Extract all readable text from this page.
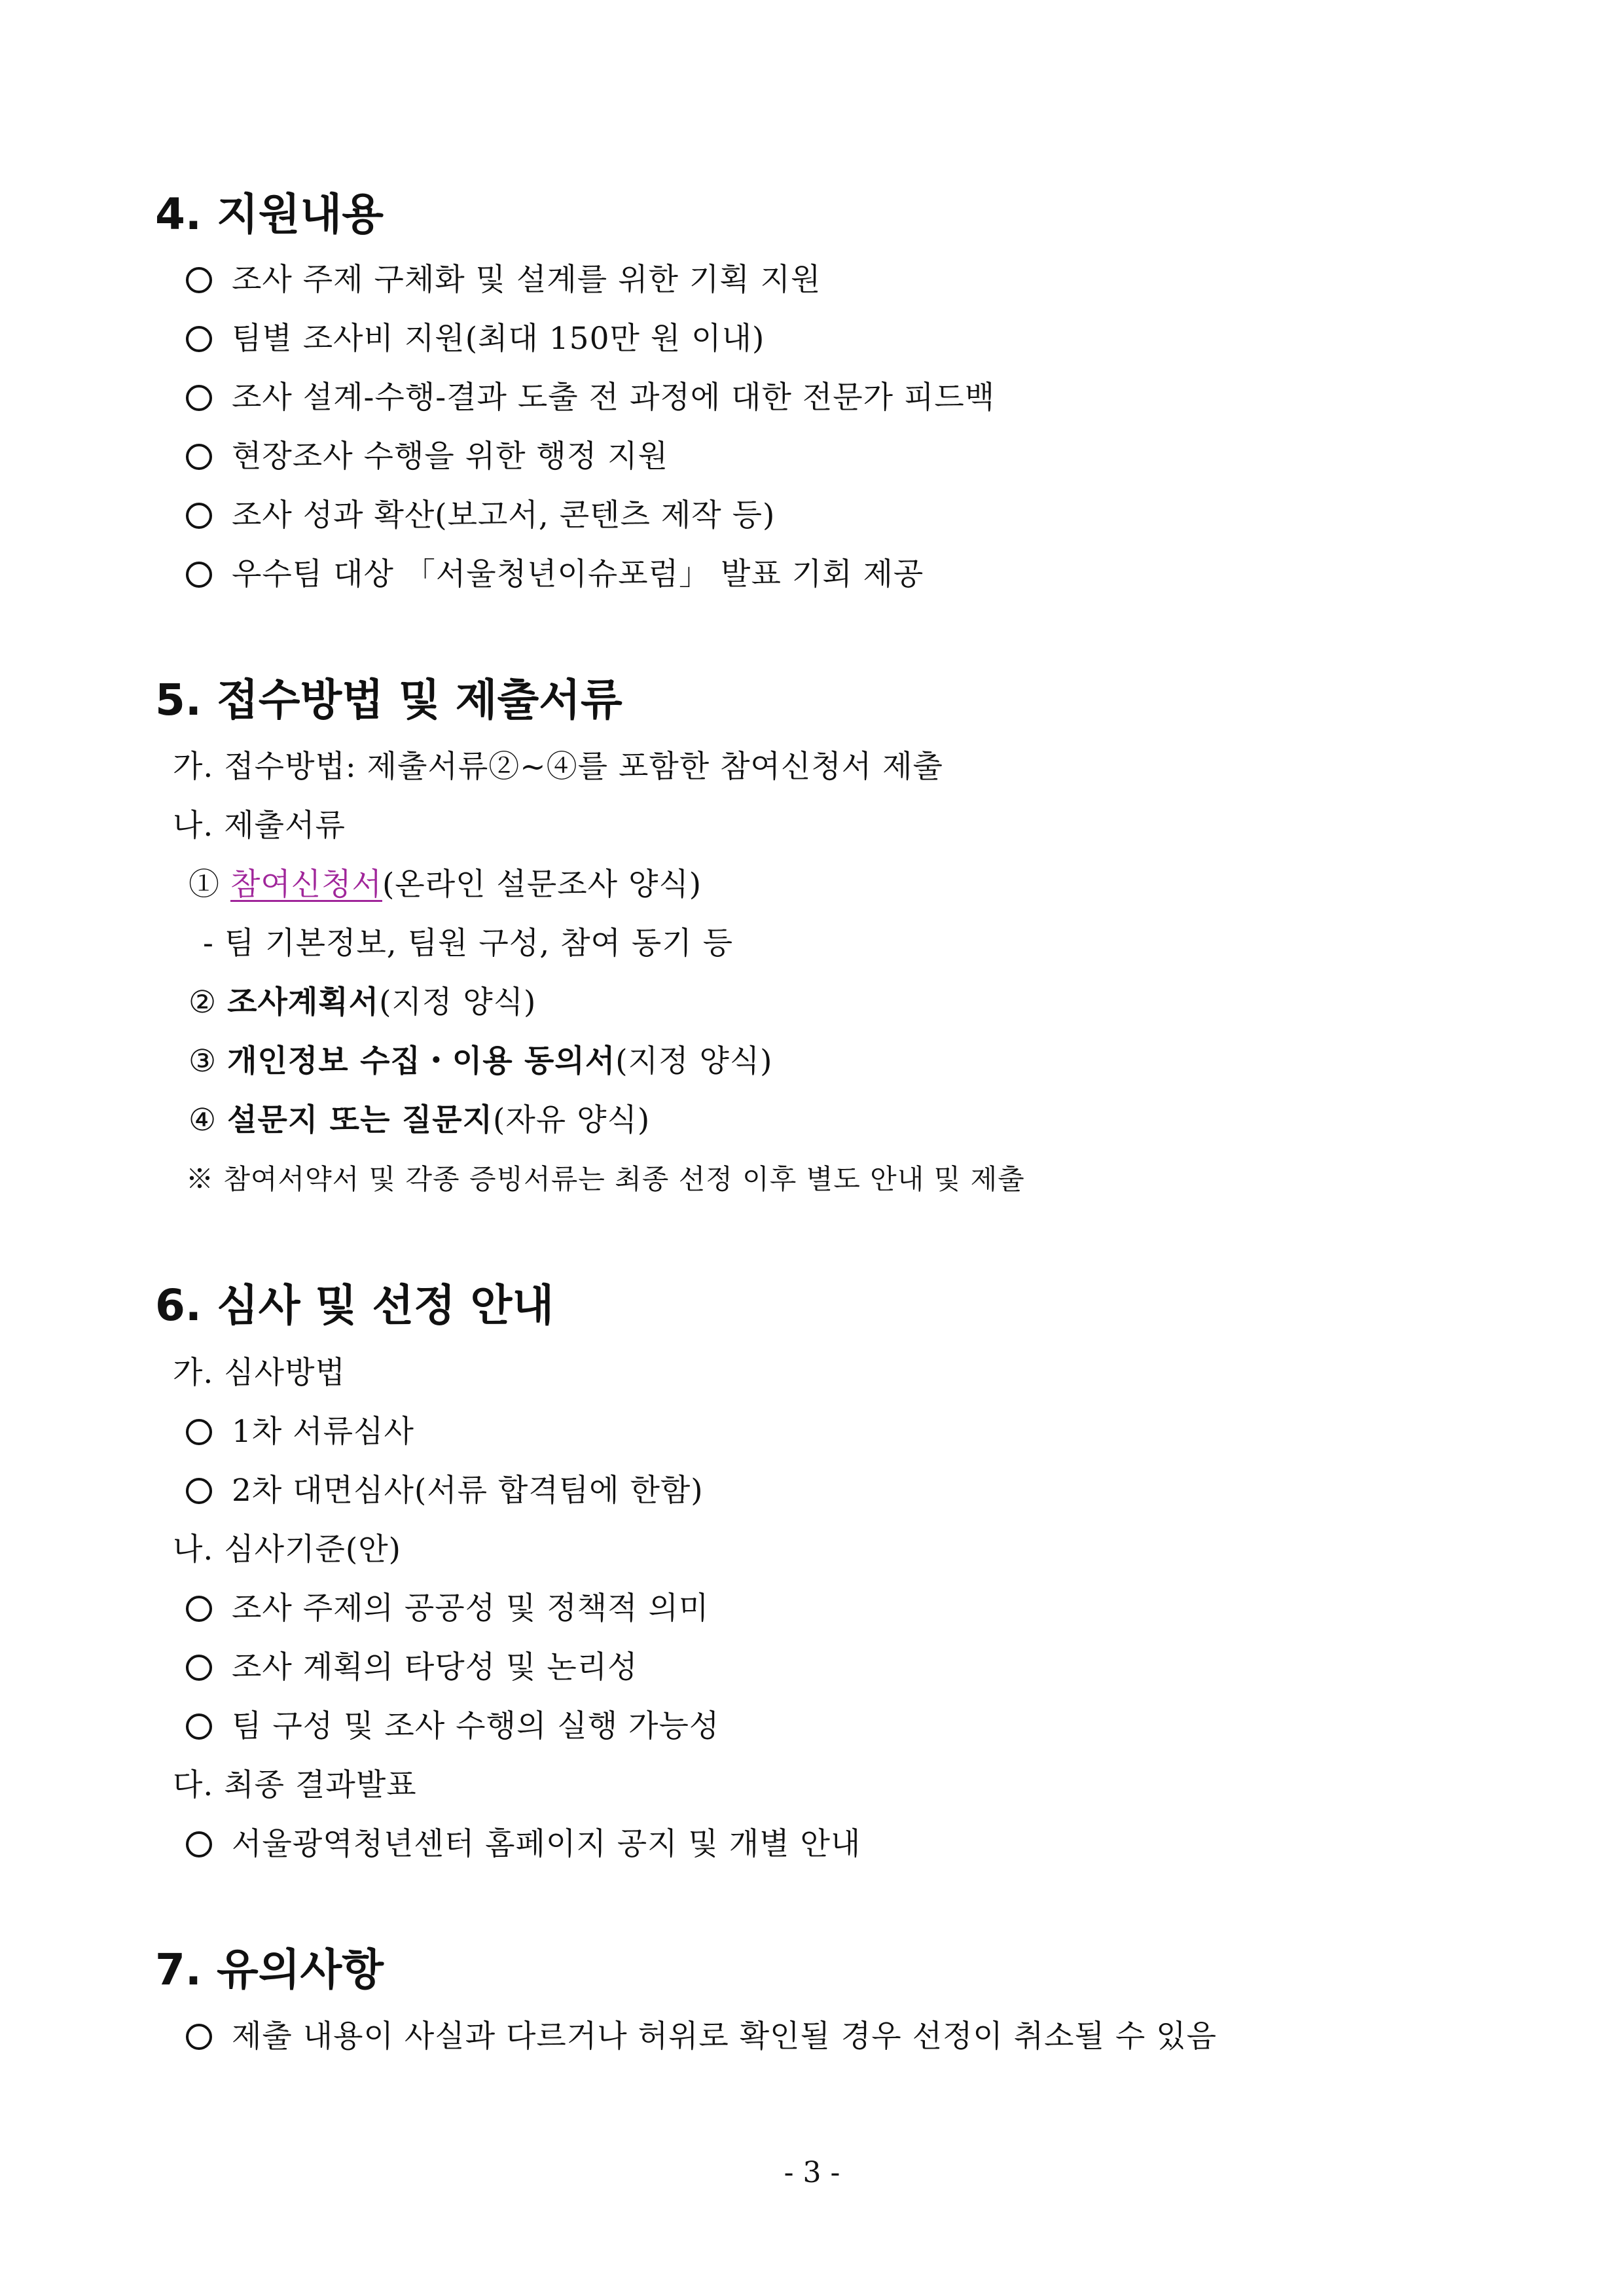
4. 지원내용
조사 주제 구체화 및 설계를 위한 기획 지원
팀별 조사비 지원(최대 150만 원 이내)
조사 설계-수행-결과 도출 전 과정에 대한 전문가 피드백
현장조사 수행을 위한 행정 지원
조사 성과 확산(보고서, 콘텐츠 제작 등)
우수팀 대상 「서울청년이슈포럼」 발표 기회 제공
5. 접수방법 및 제출서류
가. 접수방법: 제출서류②~④를 포함한 참여신청서 제출
나. 제출서류
① 참여신청서(온라인 설문조사 양식)
- 팀 기본정보, 팀원 구성, 참여 동기 등
② 조사계획서(지정 양식)
③ 개인정보 수집・이용 동의서(지정 양식)
④ 설문지 또는 질문지(자유 양식)
※ 참여서약서 및 각종 증빙서류는 최종 선정 이후 별도 안내 및 제출
6. 심사 및 선정 안내
가. 심사방법
1차 서류심사
2차 대면심사(서류 합격팀에 한함)
나. 심사기준(안)
조사 주제의 공공성 및 정책적 의미
조사 계획의 타당성 및 논리성
팀 구성 및 조사 수행의 실행 가능성
다. 최종 결과발표
서울광역청년센터 홈페이지 공지 및 개별 안내
7. 유의사항
제출 내용이 사실과 다르거나 허위로 확인될 경우 선정이 취소될 수 있음
- 3 -
